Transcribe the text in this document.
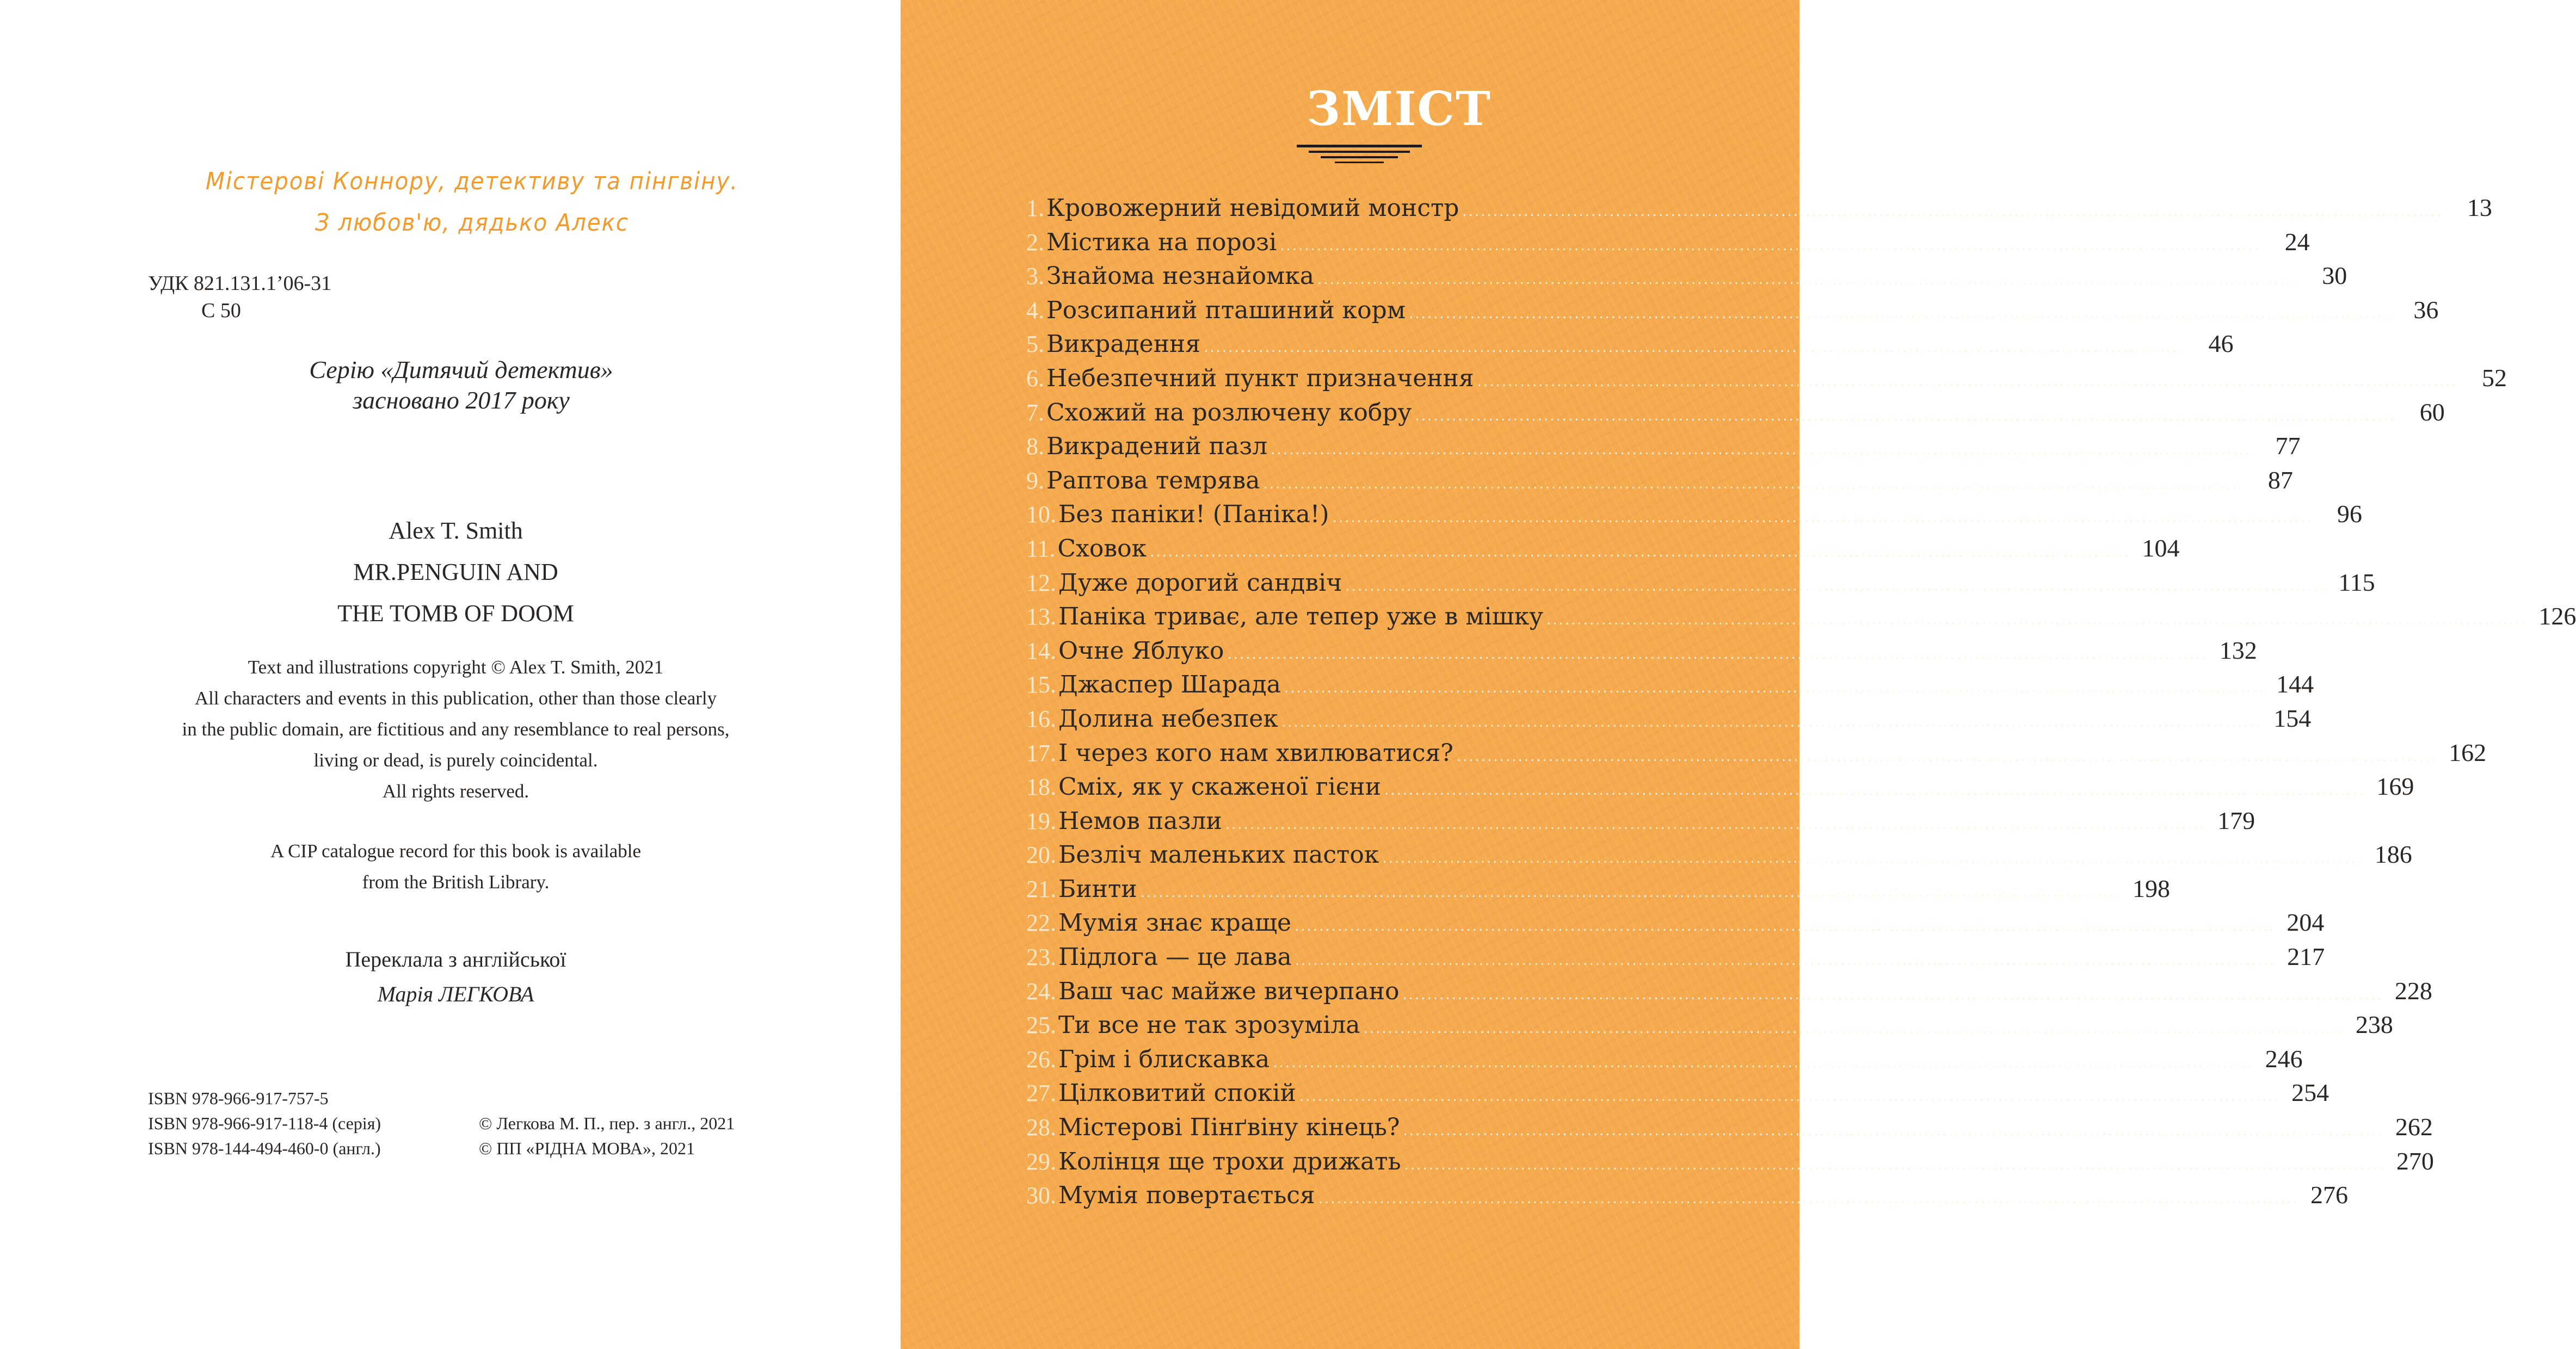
Містерові Коннору, детективу та пінгвіну.
З любов'ю, дядько Алекс
УДК 821.131.1’06-31
С 50
Серію «Дитячий детектив»
засновано 2017 року
Alex T. Smith
MR.PENGUIN AND
THE TOMB OF DOOM
Text and illustrations copyright © Alex T. Smith, 2021
All characters and events in this publication, other than those clearly
in the public domain, are fictitious and any resemblance to real persons,
living or dead, is purely coincidental.
All rights reserved.
A CIP catalogue record for this book is available
from the British Library.
Переклала з англійської
Марія ЛЕГКОВА
ISBN 978-966-917-757-5
ISBN 978-966-917-118-4 (серія)
ISBN 978-144-494-460-0 (англ.)
© Легкова М. П., пер. з англ., 2021
© ПП «РІДНА МОВА», 2021
ЗМІСТ
1. Кровожерний невідомий монстр ................................................................................................................................................................ 13
2. Містика на порозі ................................................................................................................................................................ 24
3. Знайома незнайомка ................................................................................................................................................................ 30
4. Розсипаний пташиний корм ................................................................................................................................................................ 36
5. Викрадення ................................................................................................................................................................ 46
6. Небезпечний пункт призначення ................................................................................................................................................................ 52
7. Схожий на розлючену кобру ................................................................................................................................................................ 60
8. Викрадений пазл ................................................................................................................................................................ 77
9. Раптова темрява ................................................................................................................................................................ 87
10. Без паніки! (Паніка!) ................................................................................................................................................................ 96
11. Сховок ................................................................................................................................................................ 104
12. Дуже дорогий сандвіч ................................................................................................................................................................ 115
13. Паніка триває, але тепер уже в мішку ................................................................................................................................................................ 126
14. Очне Яблуко ................................................................................................................................................................ 132
15. Джаспер Шарада ................................................................................................................................................................ 144
16. Долина небезпек ................................................................................................................................................................ 154
17. І через кого нам хвилюватися? ................................................................................................................................................................ 162
18. Сміх, як у скаженої гієни ................................................................................................................................................................ 169
19. Немов пазли ................................................................................................................................................................ 179
20. Безліч маленьких пасток ................................................................................................................................................................ 186
21. Бинти ................................................................................................................................................................ 198
22. Мумія знає краще ................................................................................................................................................................ 204
23. Підлога — це лава ................................................................................................................................................................ 217
24. Ваш час майже вичерпано ................................................................................................................................................................ 228
25. Ти все не так зрозуміла ................................................................................................................................................................ 238
26. Грім і блискавка ................................................................................................................................................................ 246
27. Цілковитий спокій ................................................................................................................................................................ 254
28. Містерові Пінґвіну кінець? ................................................................................................................................................................ 262
29. Колінця ще трохи дрижать ................................................................................................................................................................ 270
30. Мумія повертається ................................................................................................................................................................ 276
